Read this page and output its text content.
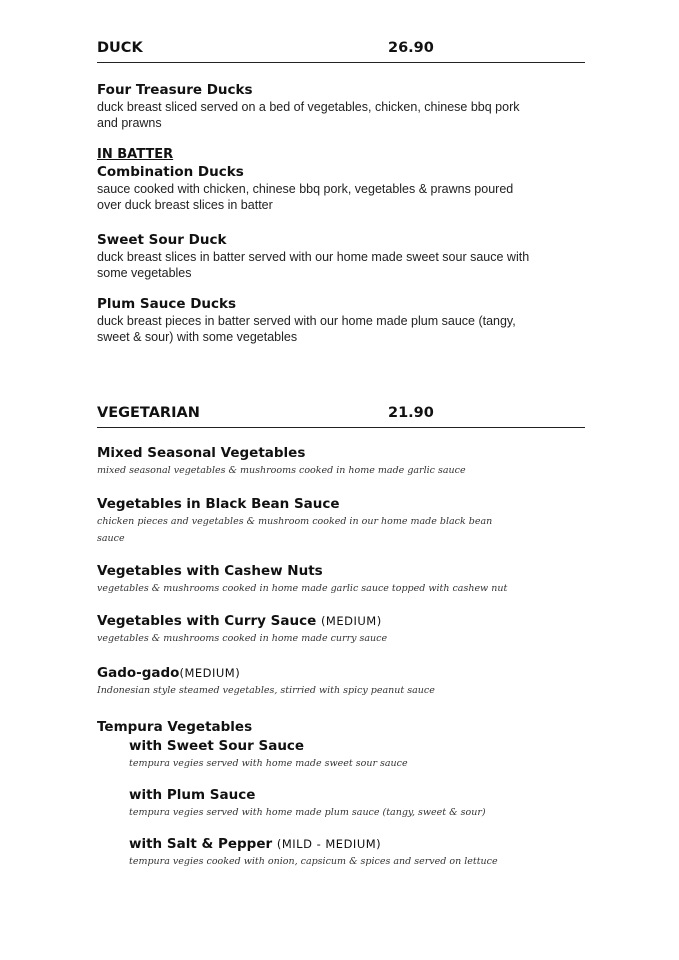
DUCK	26.90
Four Treasure Ducks
duck breast sliced served on a bed of vegetables, chicken, chinese bbq pork
and prawns
IN BATTER
Combination Ducks
sauce cooked with chicken, chinese bbq pork, vegetables & prawns poured
over duck breast slices in batter
Sweet Sour Duck
duck breast slices in batter served with our home made sweet sour sauce with
some vegetables
Plum Sauce Ducks
duck breast pieces in batter served with our home made plum sauce (tangy,
sweet & sour) with some vegetables
VEGETARIAN	21.90
Mixed Seasonal Vegetables
mixed seasonal vegetables & mushrooms cooked in home made garlic sauce
Vegetables in Black Bean Sauce
chicken pieces and vegetables & mushroom cooked in our home made black bean
sauce
Vegetables with Cashew Nuts
vegetables & mushrooms cooked in home made garlic sauce topped with cashew nut
Vegetables with Curry Sauce (MEDIUM)
vegetables & mushrooms cooked in home made curry sauce
Gado-gado(MEDIUM)
Indonesian style steamed vegetables, stirried with spicy peanut sauce
Tempura Vegetables
with Sweet Sour Sauce
tempura vegies served with home made sweet sour sauce
with Plum Sauce
tempura vegies served with home made plum sauce (tangy, sweet & sour)
with Salt & Pepper (MILD - MEDIUM)
tempura vegies cooked with onion, capsicum & spices and served on lettuce
